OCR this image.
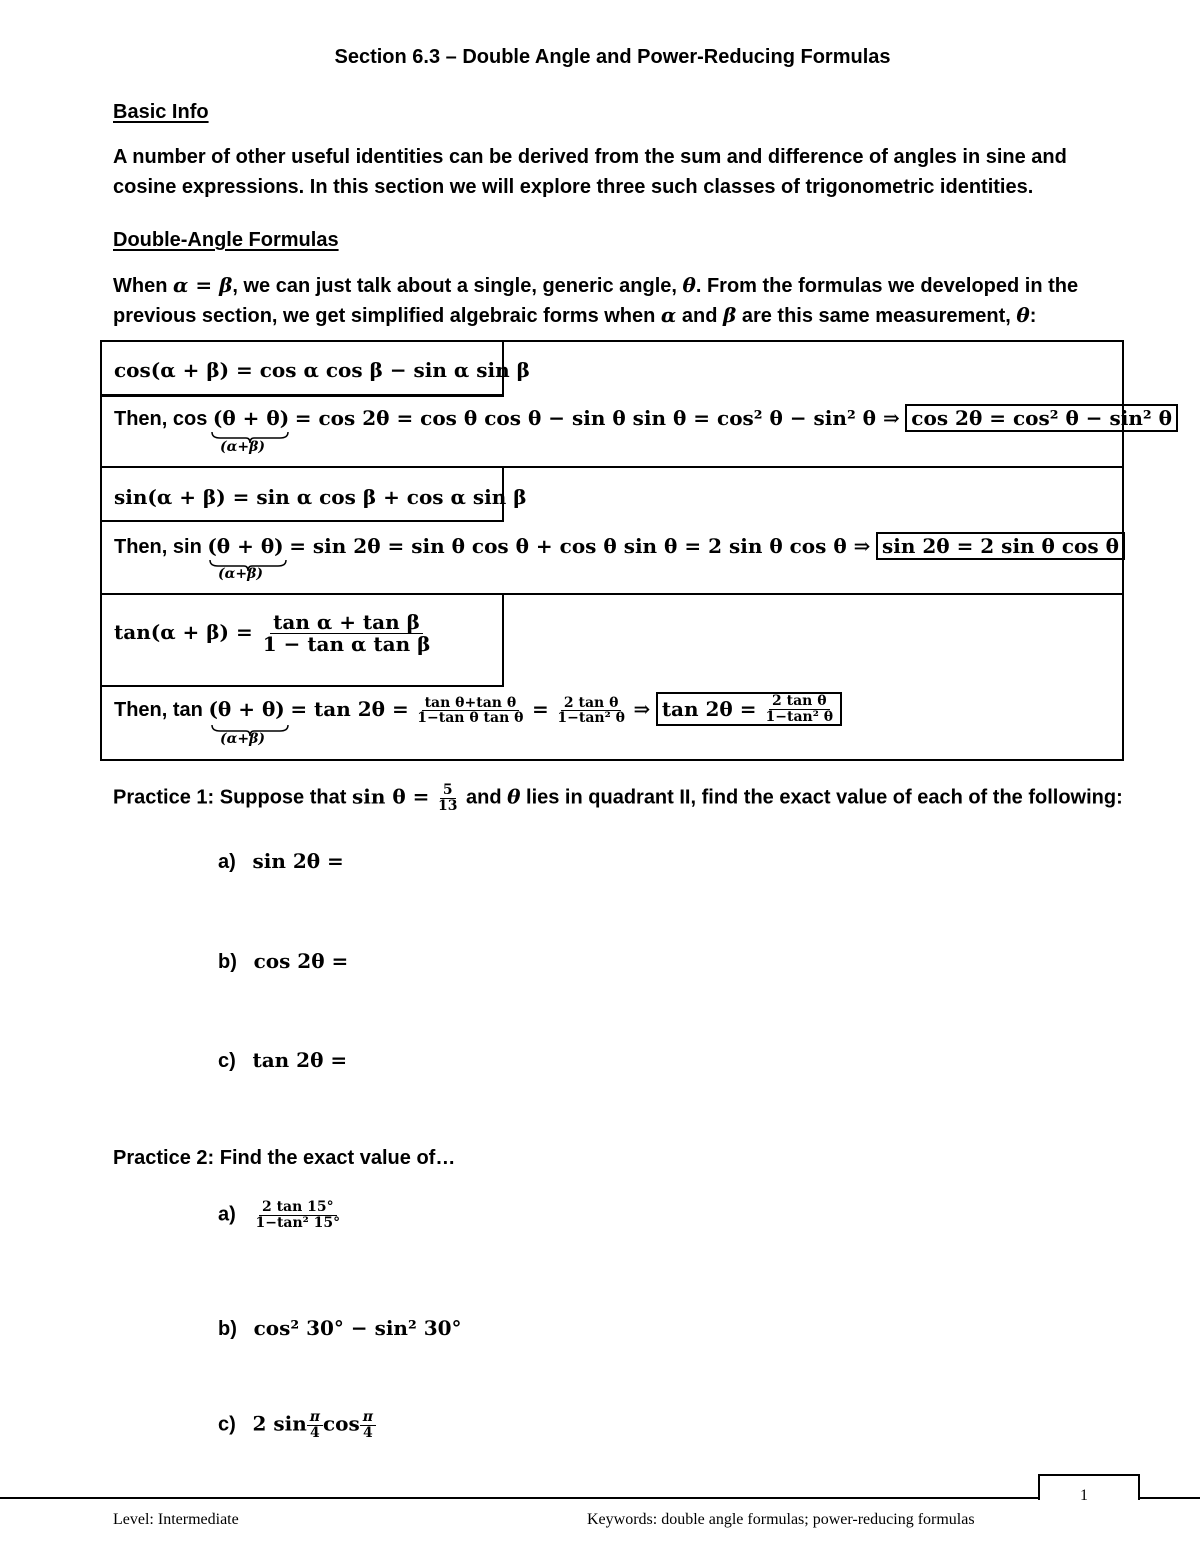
Section 6.3 – Double Angle and Power-Reducing Formulas
Basic Info
A number of other useful identities can be derived from the sum and difference of angles in sine and cosine expressions. In this section we will explore three such classes of trigonometric identities.
Double-Angle Formulas
When α = β, we can just talk about a single, generic angle, θ. From the formulas we developed in the previous section, we get simplified algebraic forms when α and β are this same measurement, θ:
cos(α + β) = cos α cos β − sin α sin β
Then, cos (θ + θ) = cos 2θ = cos θ cos θ − sin θ sin θ = cos² θ − sin² θ ⇒ cos 2θ = cos² θ − sin² θ
(α+β)
sin(α + β) = sin α cos β + cos α sin β
Then, sin (θ + θ) = sin 2θ = sin θ cos θ + cos θ sin θ = 2 sin θ cos θ ⇒ sin 2θ = 2 sin θ cos θ
(α+β)
$\tan(\alpha + \beta) = \frac{\text{tan α + tan β}}{\text{1 − tan α tan β}}$
Then, $\tan (\theta + \theta) = \tan 2\theta = \frac{\text{tan θ+tan θ}}{\text{1−tan θ tan θ}} = \frac{\text{2 tan θ}}{\text{1−tan² θ}}$ ⇒ $\tan 2\theta = \frac{\text{2 tan θ}}{\text{1−tan² θ}}$
(α+β)
Practice 1: Suppose that $\sin \theta = \frac{5}{13}$ and θ lies in quadrant II, find the exact value of each of the following:
a) sin 2θ =
b) cos 2θ =
c) tan 2θ =
Practice 2: Find the exact value of…
$a) \frac{2 \tan 15^\circ}{\text{1−tan² 15°}}$
b) cos² 30° − sin² 30°
c) 2 $\sin \frac{\pi}{4}$ $\cos \frac{\pi}{4}$
1
Level: Intermediate	Keywords: double angle formulas; power-reducing formulas
